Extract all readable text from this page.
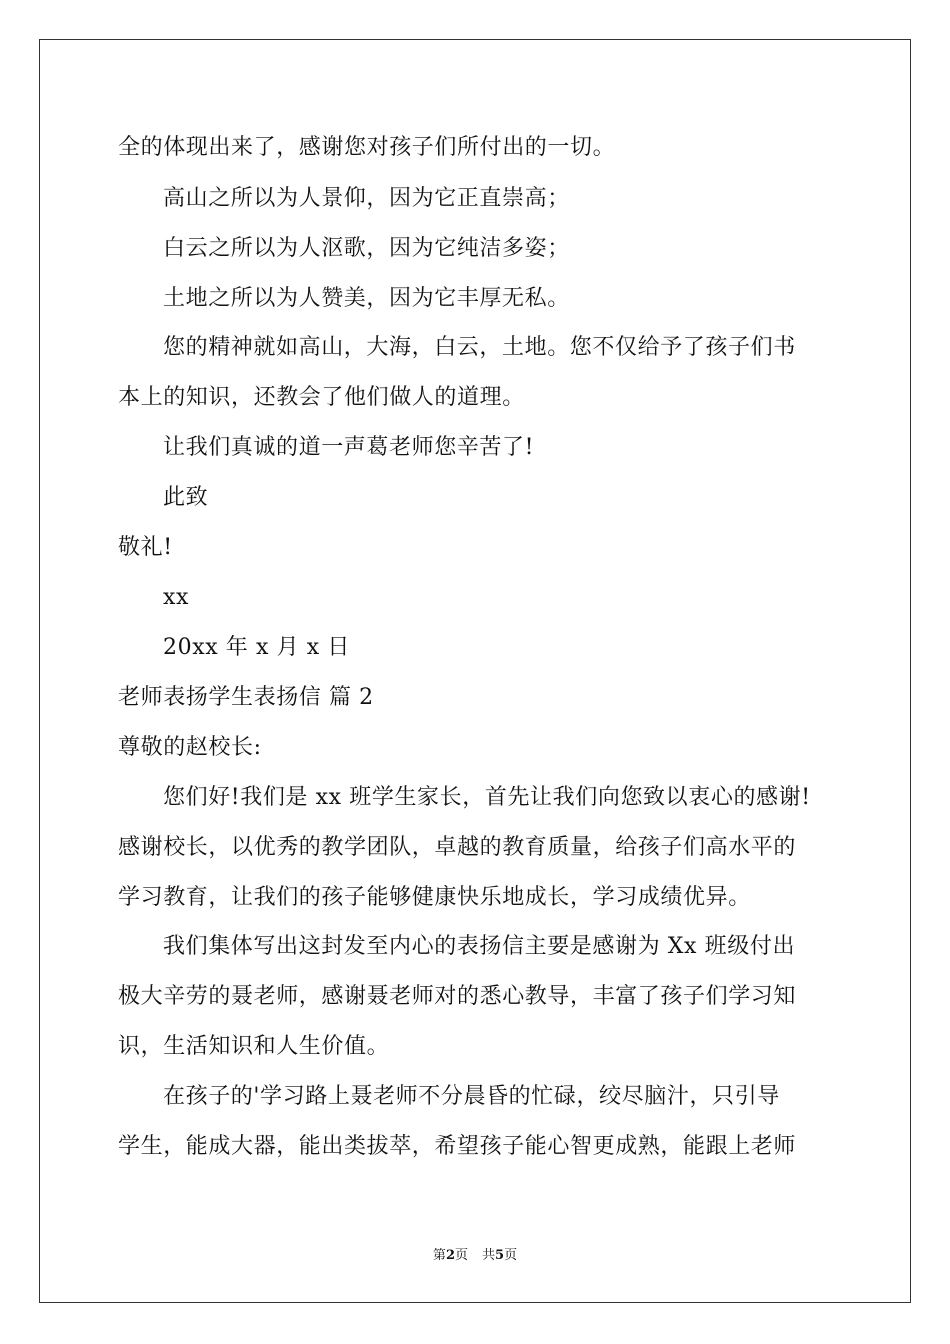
全的体现出来了，感谢您对孩子们所付出的一切。
高山之所以为人景仰，因为它正直崇高；
白云之所以为人沤歌，因为它纯洁多姿；
土地之所以为人赞美，因为它丰厚无私。
您的精神就如高山，大海，白云，土地。您不仅给予了孩子们书
本上的知识，还教会了他们做人的道理。
让我们真诚的道一声葛老师您辛苦了!
此致
敬礼!
xx
20xx 年 x 月 x 日
老师表扬学生表扬信 篇 2
尊敬的赵校长:
您们好!我们是 xx 班学生家长，首先让我们向您致以衷心的感谢!
感谢校长，以优秀的教学团队，卓越的教育质量，给孩子们高水平的
学习教育，让我们的孩子能够健康快乐地成长，学习成绩优异。
我们集体写出这封发至内心的表扬信主要是感谢为 Xx 班级付出
极大辛劳的聂老师，感谢聂老师对的悉心教导，丰富了孩子们学习知
识，生活知识和人生价值。
在孩子的'学习路上聂老师不分晨昏的忙碌，绞尽脑汁，只引导
学生，能成大器，能出类拔萃，希望孩子能心智更成熟，能跟上老师
第2页 共5页
